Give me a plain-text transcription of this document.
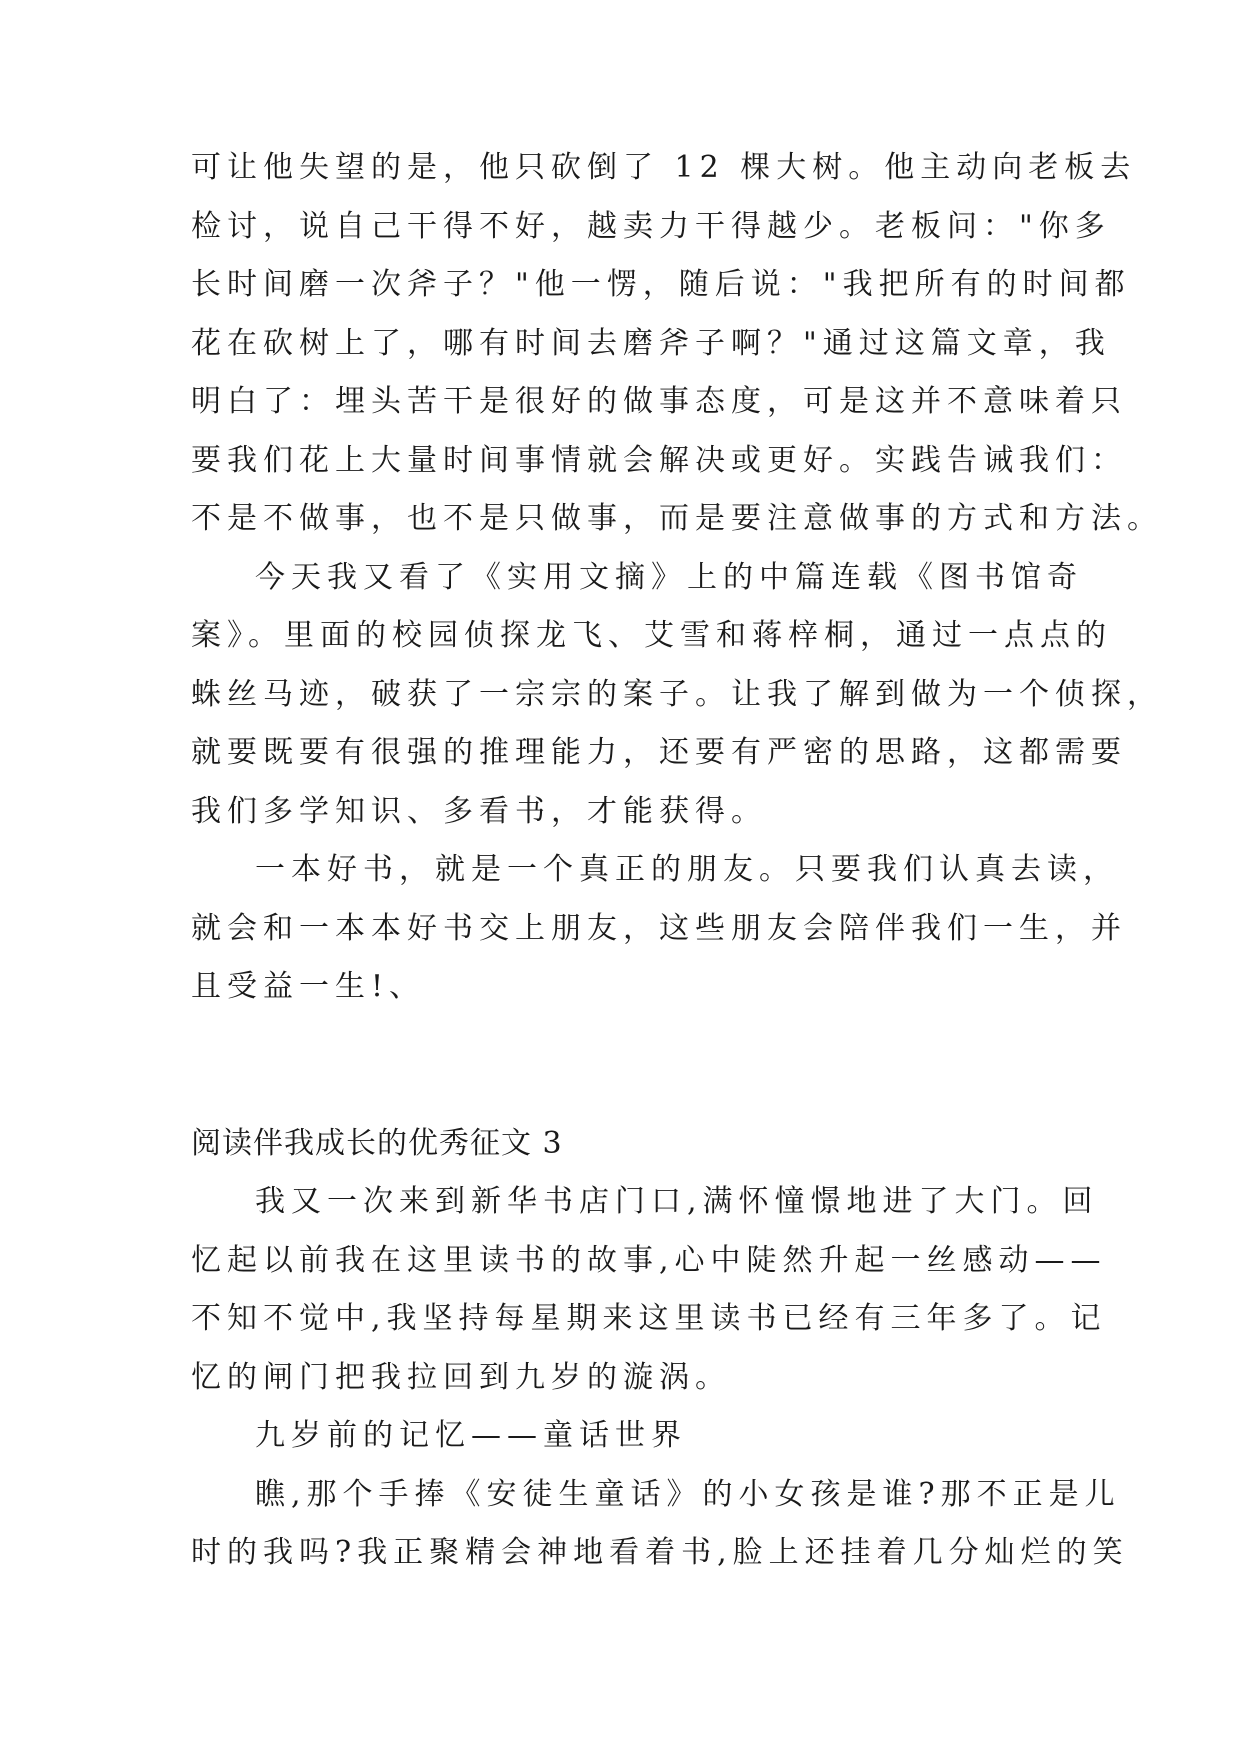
可让他失望的是，他只砍倒了 12 棵大树。他主动向老板去
检讨，说自己干得不好，越卖力干得越少。老板问："你多
长时间磨一次斧子？"他一愣，随后说："我把所有的时间都
花在砍树上了，哪有时间去磨斧子啊？"通过这篇文章，我
明白了：埋头苦干是很好的做事态度，可是这并不意味着只
要我们花上大量时间事情就会解决或更好。实践告诫我们：
不是不做事，也不是只做事，而是要注意做事的方式和方法。
今天我又看了《实用文摘》上的中篇连载《图书馆奇
案》。里面的校园侦探龙飞、艾雪和蒋梓桐，通过一点点的
蛛丝马迹，破获了一宗宗的案子。让我了解到做为一个侦探，
就要既要有很强的推理能力，还要有严密的思路，这都需要
我们多学知识、多看书，才能获得。
一本好书，就是一个真正的朋友。只要我们认真去读，
就会和一本本好书交上朋友，这些朋友会陪伴我们一生，并
且受益一生!、
阅读伴我成长的优秀征文 3
我又一次来到新华书店门口,满怀憧憬地进了大门。回
忆起以前我在这里读书的故事,心中陡然升起一丝感动——
不知不觉中,我坚持每星期来这里读书已经有三年多了。记
忆的闸门把我拉回到九岁的漩涡。
九岁前的记忆——童话世界
瞧,那个手捧《安徒生童话》的小女孩是谁?那不正是儿
时的我吗?我正聚精会神地看着书,脸上还挂着几分灿烂的笑
